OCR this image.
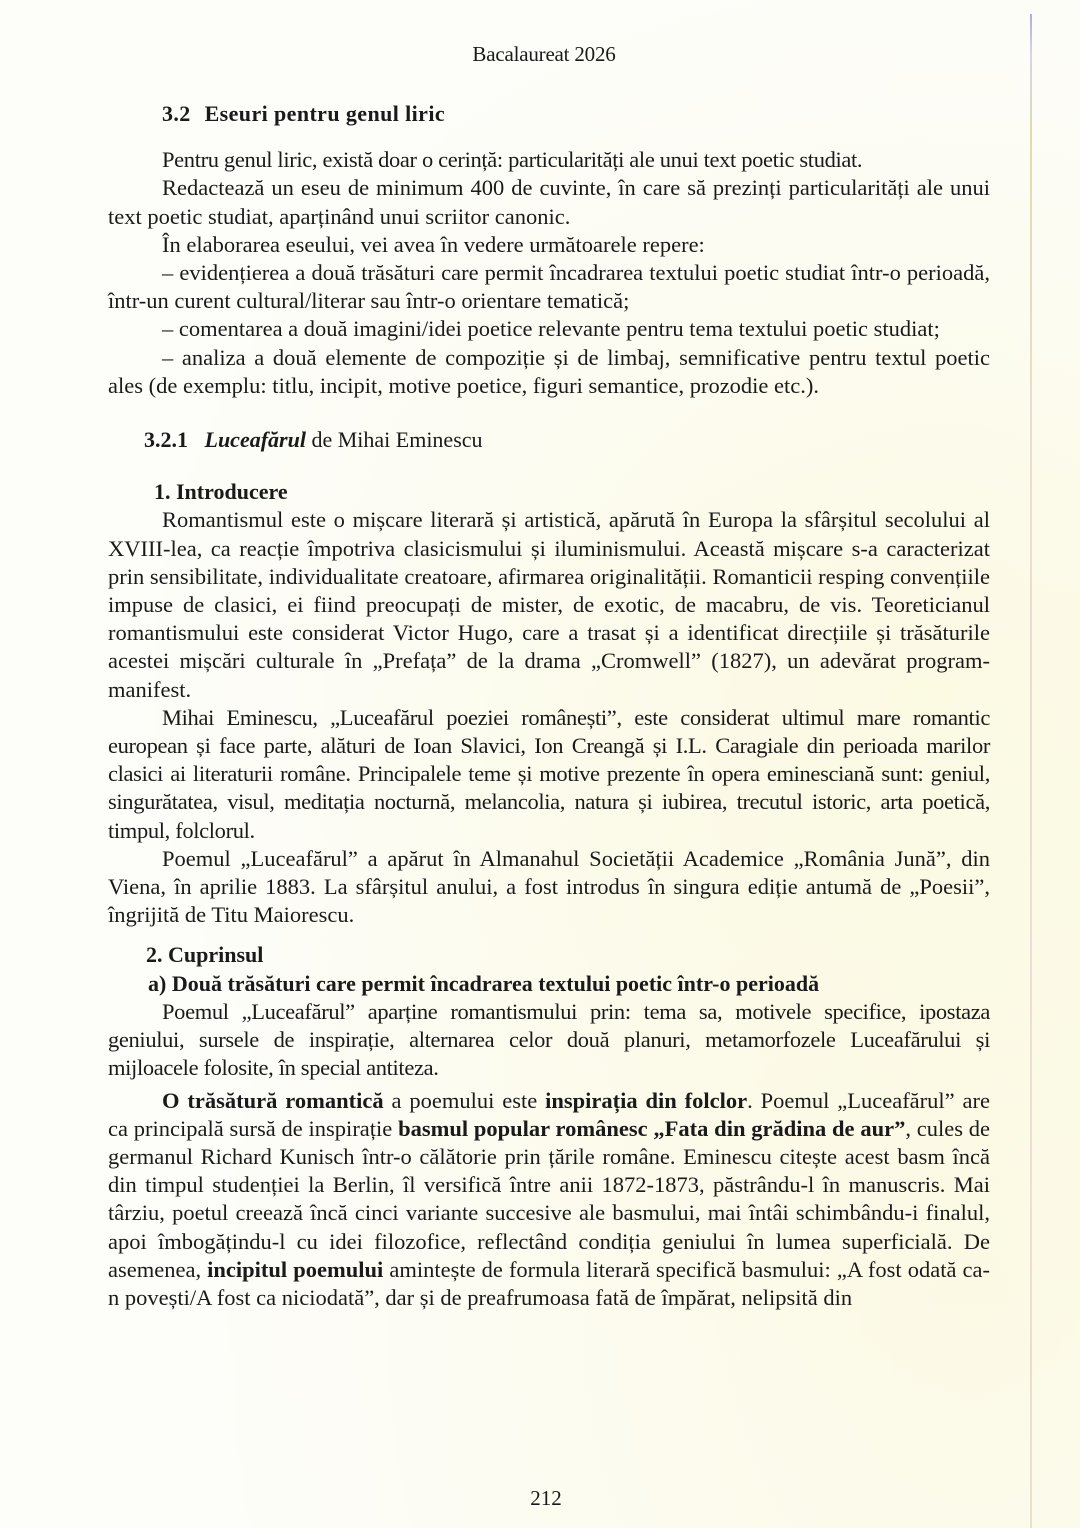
Bacalaureat 2026
3.2 Eseuri pentru genul liric

Pentru genul liric, există doar o cerință: particularități ale unui text poetic studiat.

Redactează un eseu de minimum 400 de cuvinte, în care să prezinți particularități ale unui text poetic studiat, aparținând unui scriitor canonic.

În elaborarea eseului, vei avea în vedere următoarele repere:

– evidențierea a două trăsături care permit încadrarea textului poetic studiat într-o perioadă, într-un curent cultural/literar sau într-o orientare tematică;

– comentarea a două imagini/idei poetice relevante pentru tema textului poetic studiat;

– analiza a două elemente de compoziție și de limbaj, semnificative pentru textul poetic ales (de exemplu: titlu, incipit, motive poetice, figuri semantice, prozodie etc.).

3.2.1 Luceafărul de Mihai Eminescu
1. Introducere

Romantismul este o mișcare literară și artistică, apărută în Europa la sfârșitul secolului al XVIII-lea, ca reacție împotriva clasicismului și iluminismului. Această mișcare s-a caracterizat prin sensibilitate, individualitate creatoare, afirmarea originalității. Romanticii resping convențiile impuse de clasici, ei fiind preocupați de mister, de exotic, de macabru, de vis. Teoreticianul romantismului este considerat Victor Hugo, care a trasat și a identificat direcțiile și trăsăturile acestei mișcări culturale în „Prefața” de la drama „Cromwell” (1827), un adevărat program-manifest.

Mihai Eminescu, „Luceafărul poeziei românești”, este considerat ultimul mare romantic european și face parte, alături de Ioan Slavici, Ion Creangă și I.L. Caragiale din perioada marilor clasici ai literaturii române. Principalele teme și motive prezente în opera eminesciană sunt: geniul, singurătatea, visul, meditația nocturnă, melancolia, natura și iubirea, trecutul istoric, arta poetică, timpul, folclorul.

Poemul „Luceafărul” a apărut în Almanahul Societății Academice „România Jună”, din Viena, în aprilie 1883. La sfârșitul anului, a fost introdus în singura ediție antumă de „Poesii”, îngrijită de Titu Maiorescu.

2. Cuprinsul
a) Două trăsături care permit încadrarea textului poetic într-o perioadă

Poemul „Luceafărul” aparține romantismului prin: tema sa, motivele specifice, ipostaza geniului, sursele de inspirație, alternarea celor două planuri, metamorfozele Luceafărului și mijloacele folosite, în special antiteza.

O trăsătură romantică a poemului este inspirația din folclor. Poemul „Luceafărul” are ca principală sursă de inspirație basmul popular românesc „Fata din grădina de aur”, cules de germanul Richard Kunisch într-o călătorie prin țările române. Eminescu citește acest basm încă din timpul studenției la Berlin, îl versifică între anii 1872-1873, păstrându-l în manuscris. Mai târziu, poetul creează încă cinci variante succesive ale basmului, mai întâi schimbându-i finalul, apoi îmbogățindu-l cu idei filozofice, reflectând condiția geniului în lumea superficială. De asemenea, incipitul poemului amintește de formula literară specifică basmului: „A fost odată ca-n povești/A fost ca niciodată”, dar și de preafrumoasa fată de împărat, nelipsită din

212
